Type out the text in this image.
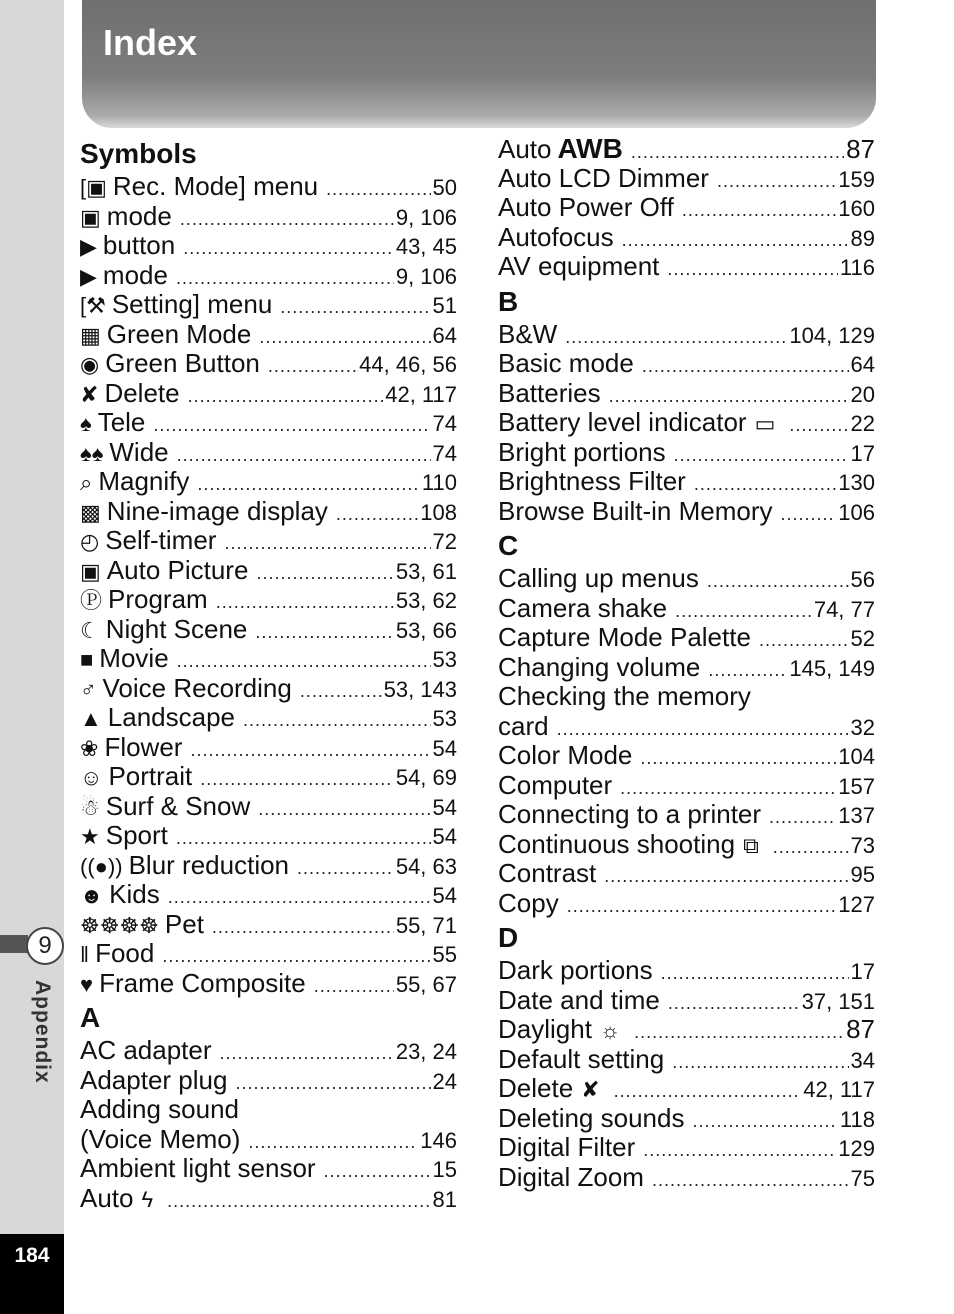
9
Appendix
184
Index
Symbols
[▣ Rec. Mode] menu .....	50
▣ mode .....	9, 106
▶ button .....	43, 45
▶ mode .....	9, 106
[⚒ Setting] menu .....	51
▦ Green Mode .....	64
◉ Green Button .....	44, 46, 56
✘ Delete .....	42, 117
♠ Tele .....	74
♠♠ Wide .....	74
⌕ Magnify .....	110
▩ Nine-image display .....	108
◴ Self-timer .....	72
▣ Auto Picture .....	53, 61
Ⓟ Program .....	53, 62
☾ Night Scene .....	53, 66
■ Movie .....	53
♂ Voice Recording .....	53, 143
▲ Landscape .....	53
❀ Flower .....	54
☺ Portrait .....	54, 69
☃ Surf & Snow .....	54
★ Sport .....	54
((●)) Blur reduction .....	54, 63
☻ Kids .....	54
☸☸☸☸ Pet .....	55, 71
‖ Food .....	55
♥ Frame Composite .....	55, 67
A
AC adapter .....	23, 24
Adapter plug .....	24
Adding sound
(Voice Memo) .....	146
Ambient light sensor .....	15
Auto ϟ .....	81
Auto AWB .....	87
Auto LCD Dimmer .....	159
Auto Power Off .....	160
Autofocus .....	89
AV equipment .....	116
B
B&W .....	104, 129
Basic mode .....	64
Batteries .....	20
Battery level indicator ▭ .....	22
Bright portions .....	17
Brightness Filter .....	130
Browse Built-in Memory .....	106
C
Calling up menus .....	56
Camera shake .....	74, 77
Capture Mode Palette .....	52
Changing volume .....	145, 149
Checking the memory
card .....	32
Color Mode .....	104
Computer .....	157
Connecting to a printer .....	137
Continuous shooting ⧉ .....	73
Contrast .....	95
Copy .....	127
D
Dark portions .....	17
Date and time .....	37, 151
Daylight ☼ .....	87
Default setting .....	34
Delete ✘ .....	42, 117
Deleting sounds .....	118
Digital Filter .....	129
Digital Zoom .....	75
